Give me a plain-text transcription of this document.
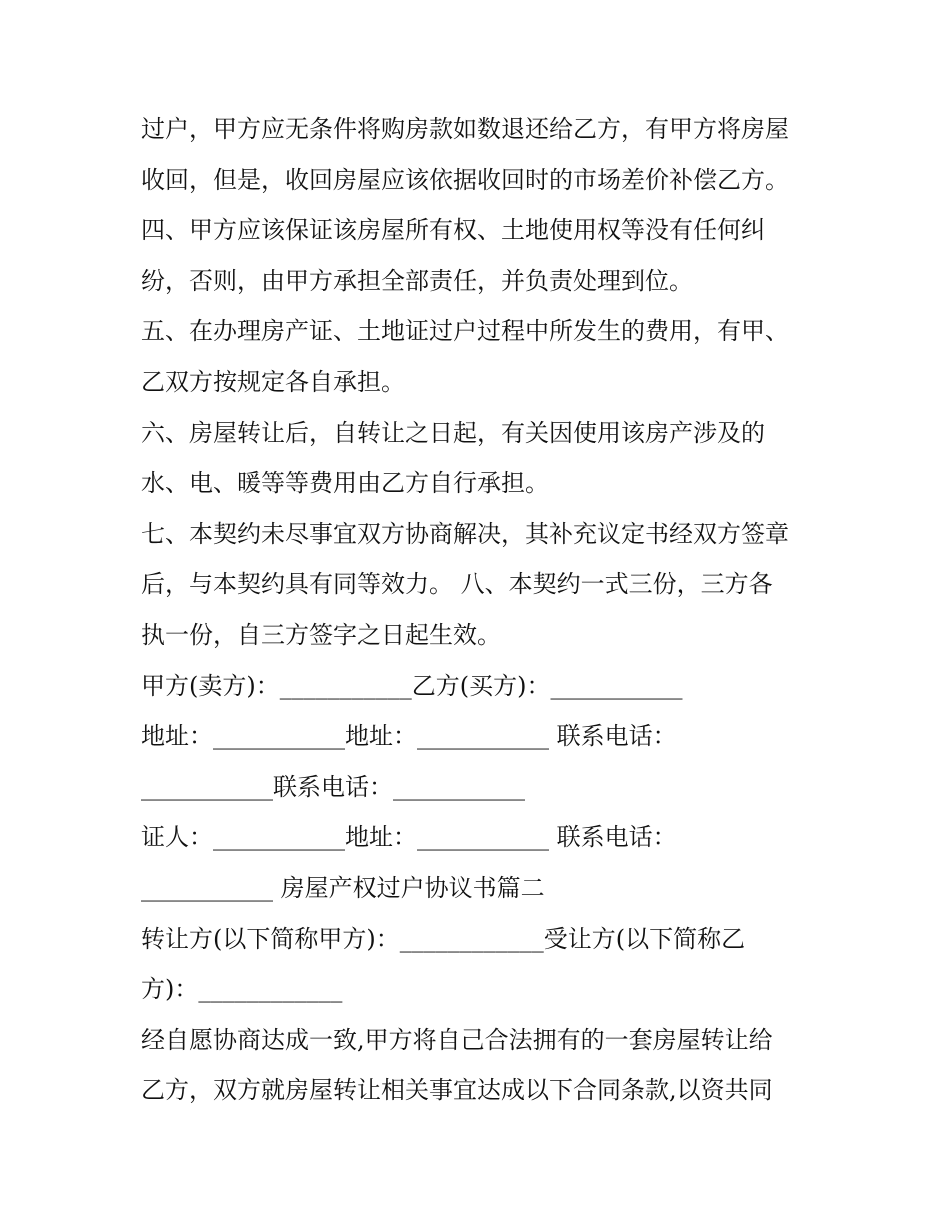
过户，甲方应无条件将购房款如数退还给乙方，有甲方将房屋
收回，但是，收回房屋应该依据收回时的市场差价补偿乙方。
四、甲方应该保证该房屋所有权、土地使用权等没有任何纠
纷，否则，由甲方承担全部责任，并负责处理到位。
五、在办理房产证、土地证过户过程中所发生的费用，有甲、
乙双方按规定各自承担。
六、房屋转让后，自转让之日起，有关因使用该房产涉及的
水、电、暖等等费用由乙方自行承担。
七、本契约未尽事宜双方协商解决，其补充议定书经双方签章
后，与本契约具有同等效力。 八、本契约一式三份，三方各
执一份，自三方签字之日起生效。
甲方(卖方)：___________乙方(买方)：___________
地址：___________地址：___________ 联系电话：
___________联系电话：___________
证人：___________地址：___________ 联系电话：
___________ 房屋产权过户协议书篇二
转让方(以下简称甲方)：____________受让方(以下简称乙
方)：____________
经自愿协商达成一致,甲方将自己合法拥有的一套房屋转让给
乙方，双方就房屋转让相关事宜达成以下合同条款,以资共同
